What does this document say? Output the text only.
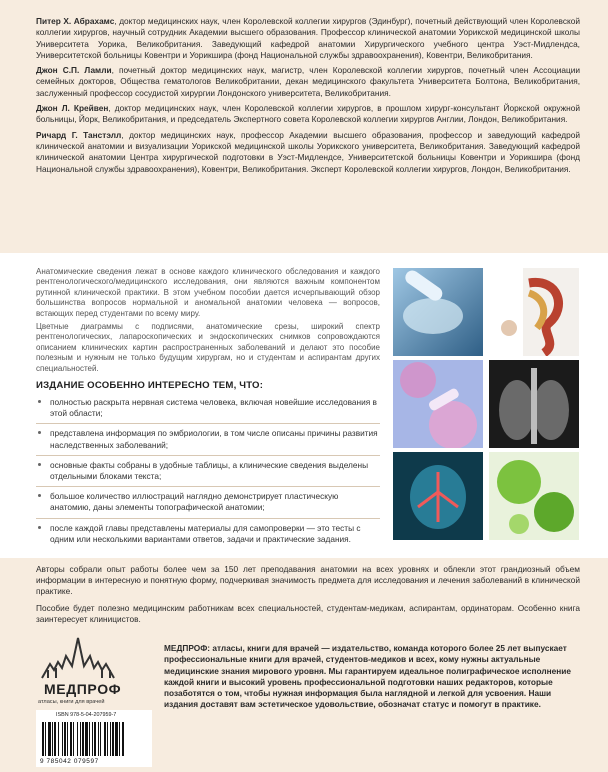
Питер Х. Абрахамс, доктор медицинских наук, член Королевской коллегии хирургов (Эдинбург), почетный действующий член Королевской коллегии хирургов, научный сотрудник Академии высшего образования. Профессор клинической анатомии Уорикской медицинской школы Университета Уорика, Великобритания. Заведующий кафедрой анатомии Хирургического учебного центра Уэст-Мидлендса, Университетской больницы Ковентри и Уорикшира (фонд Национальной службы здравоохранения), Ковентри, Великобритания.

Джон С.П. Ламли, почетный доктор медицинских наук, магистр, член Королевской коллегии хирургов, почетный член Ассоциации семейных докторов, Общества гематологов Великобритании, декан медицинского факультета Университета Болтона, Великобритания, заслуженный профессор сосудистой хирургии Лондонского университета, Великобритания.

Джон Л. Крейвен, доктор медицинских наук, член Королевской коллегии хирургов, в прошлом хирург-консультант Йоркской окружной больницы, Йорк, Великобритания, и председатель Экспертного совета Королевской коллегии хирургов Англии, Лондон, Великобритания.

Ричард Г. Танстэлл, доктор медицинских наук, профессор Академии высшего образования, профессор и заведующий кафедрой клинической анатомии и визуализации Уорикской медицинской школы Уорикского университета, Великобритания. Заведующий кафедрой клинической анатомии Центра хирургической подготовки в Уэст-Мидлендсе, Университетской больницы Ковентри и Уорикшира (фонд Национальной службы здравоохранения), Ковентри, Великобритания. Эксперт Королевской коллегии хирургов, Лондон, Великобритания.

Анатомические сведения лежат в основе каждого клинического обследования и каждого рентгенологического/медицинского исследования, они являются важным компонентом рутинной клинической практики. В этом учебном пособии дается исчерпывающий обзор большинства вопросов нормальной и аномальной анатомии человека — вопросов, встающих перед студентами по всему миру.

Цветные диаграммы с подписями, анатомические срезы, широкий спектр рентгенологических, лапароскопических и эндоскопических снимков сопровождаются описанием клинических картин распространенных заболеваний и делают это пособие полезным и нужным не только будущим хирургам, но и студентам и аспирантам других специальностей.

ИЗДАНИЕ ОСОБЕННО ИНТЕРЕСНО ТЕМ, ЧТО:
полностью раскрыта нервная система человека, включая новейшие исследования в этой области;
представлена информация по эмбриологии, в том числе описаны причины развития наследственных заболеваний;
основные факты собраны в удобные таблицы, а клинические сведения выделены отдельными блоками текста;
большое количество иллюстраций наглядно демонстрирует пластическую анатомию, даны элементы топографической анатомии;
после каждой главы представлены материалы для самопроверки — это тесты с одним или несколькими вариантами ответов, задачи и практические задания.

Авторы собрали опыт работы более чем за 150 лет преподавания анатомии на всех уровнях и облекли этот грандиозный объем информации в интересную и понятную форму, подчеркивая значимость предмета для исследования и лечения заболеваний в клинической практике.

Пособие будет полезно медицинским работникам всех специальностей, студентам-медикам, аспирантам, ординаторам. Особенно книга заинтересует клиницистов.

МЕДПРОФ
атласы, книги для врачей
МЕДПРОФ: атласы, книги для врачей — издательство, команда которого более 25 лет выпускает профессиональные книги для врачей, студентов-медиков и всех, кому нужны актуальные медицинские знания мирового уровня. Мы гарантируем идеальное полиграфическое исполнение каждой книги и высокий уровень профессиональной подготовки наших редакторов, которые позаботятся о том, чтобы нужная информация была наглядной и легкой для усвоения. Наши издания доставят вам эстетическое удовольствие, обозначат статус и помогут в практике.
ISBN 978-5-04-207959-7
9 785042 079597
